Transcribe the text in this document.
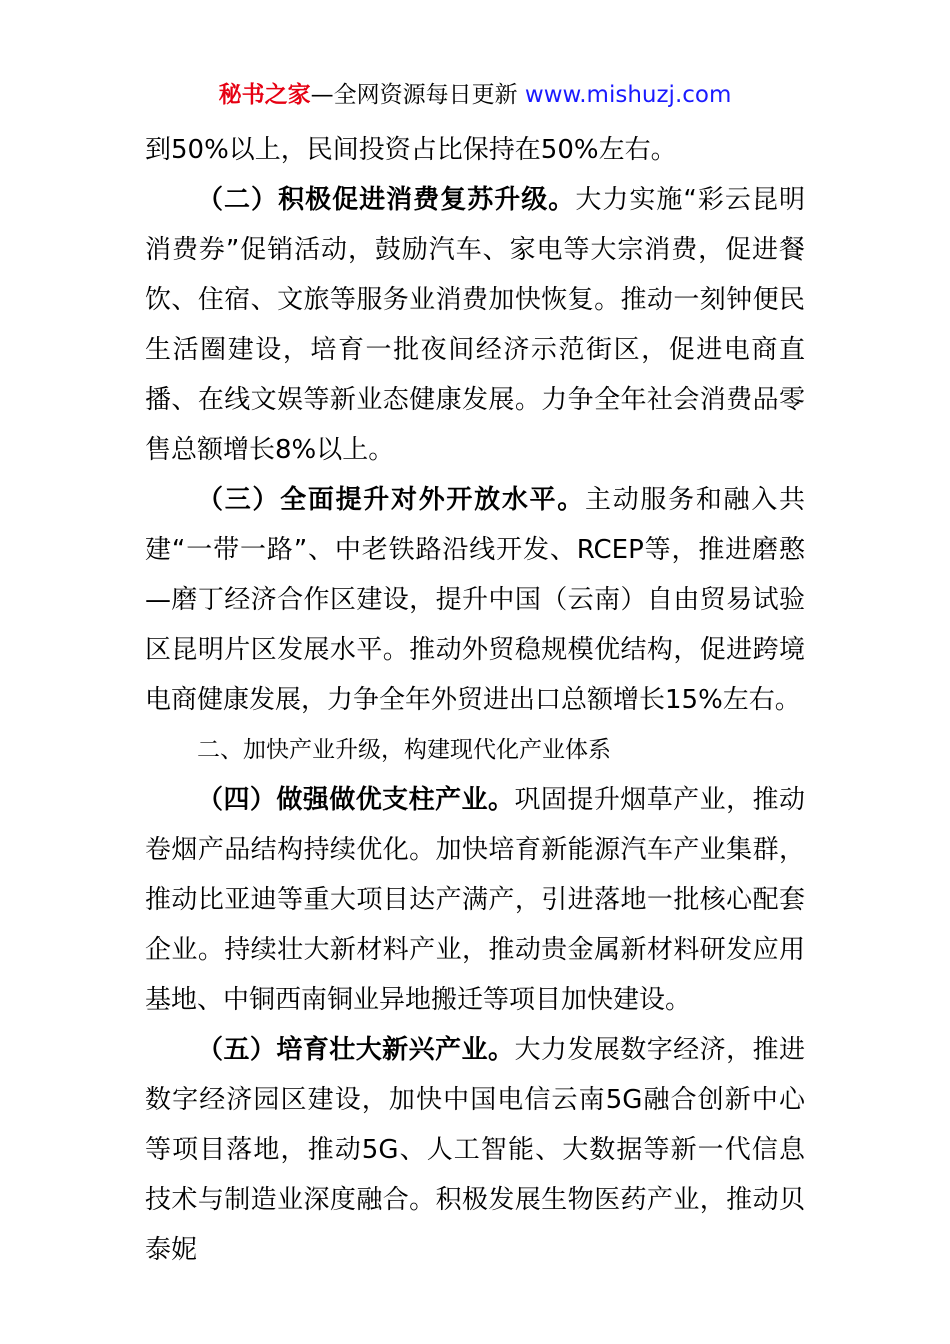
秘书之家—全网资源每日更新 www.mishuzj.com

到50%以上，民间投资占比保持在50%左右。

（二）积极促进消费复苏升级。大力实施“彩云昆明消费券”促销活动，鼓励汽车、家电等大宗消费，促进餐饮、住宿、文旅等服务业消费加快恢复。推动一刻钟便民生活圈建设，培育一批夜间经济示范街区，促进电商直播、在线文娱等新业态健康发展。力争全年社会消费品零售总额增长8%以上。

（三）全面提升对外开放水平。主动服务和融入共建“一带一路”、中老铁路沿线开发、RCEP等，推进磨憨—磨丁经济合作区建设，提升中国（云南）自由贸易试验区昆明片区发展水平。推动外贸稳规模优结构，促进跨境电商健康发展，力争全年外贸进出口总额增长15%左右。

二、加快产业升级，构建现代化产业体系

（四）做强做优支柱产业。巩固提升烟草产业，推动卷烟产品结构持续优化。加快培育新能源汽车产业集群，推动比亚迪等重大项目达产满产，引进落地一批核心配套企业。持续壮大新材料产业，推动贵金属新材料研发应用基地、中铜西南铜业异地搬迁等项目加快建设。

（五）培育壮大新兴产业。大力发展数字经济，推进数字经济园区建设，加快中国电信云南5G融合创新中心等项目落地，推动5G、人工智能、大数据等新一代信息技术与制造业深度融合。积极发展生物医药产业，推动贝泰妮
